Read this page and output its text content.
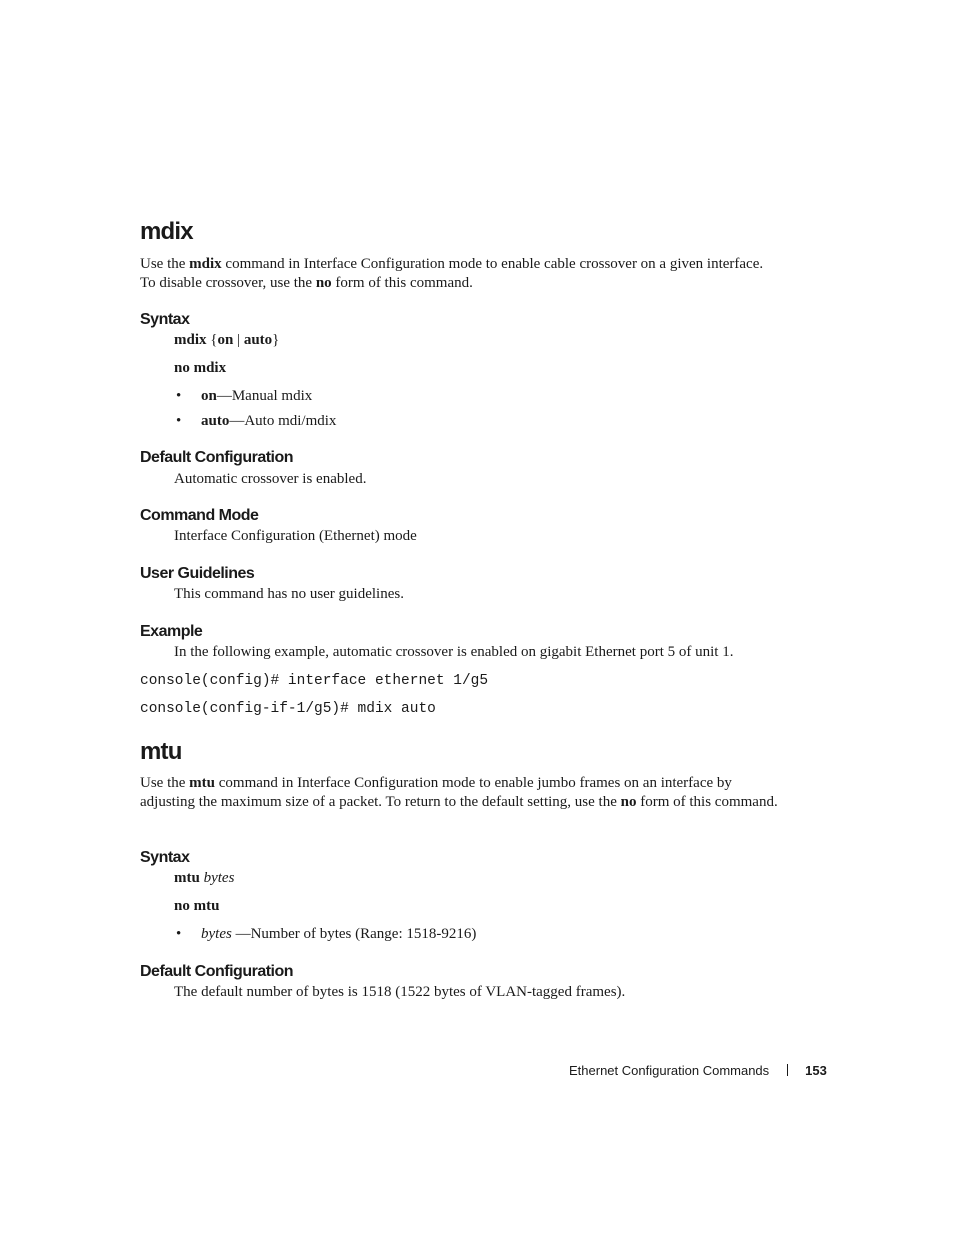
mdix

Use the mdix command in Interface Configuration mode to enable cable crossover on a given interface. To disable crossover, use the no form of this command.

Syntax

mdix {on | auto}

no mdix

• on—Manual mdix

• auto—Auto mdi/mdix

Default Configuration

Automatic crossover is enabled.

Command Mode

Interface Configuration (Ethernet) mode

User Guidelines

This command has no user guidelines.

Example

In the following example, automatic crossover is enabled on gigabit Ethernet port 5 of unit 1.

console(config)# interface ethernet 1/g5

console(config-if-1/g5)# mdix auto

mtu

Use the mtu command in Interface Configuration mode to enable jumbo frames on an interface by adjusting the maximum size of a packet. To return to the default setting, use the no form of this command.

Syntax

mtu bytes

no mtu

• bytes —Number of bytes (Range: 1518-9216)

Default Configuration

The default number of bytes is 1518 (1522 bytes of VLAN-tagged frames).

Ethernet Configuration Commands	153
